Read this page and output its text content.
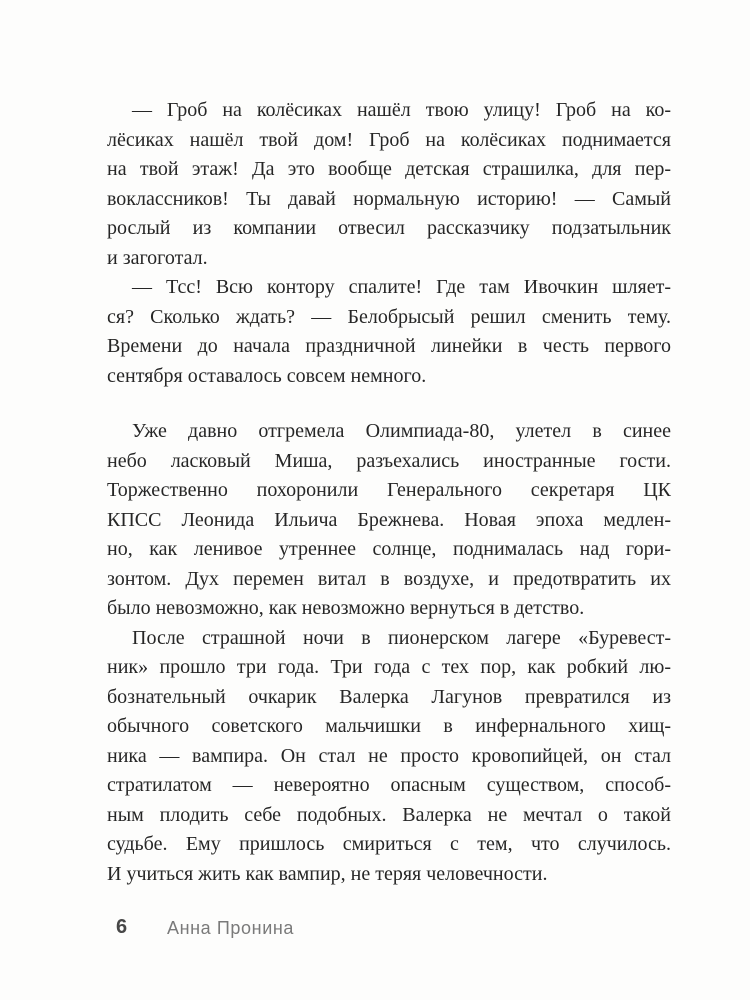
— Гроб на колёсиках нашёл твою улицу! Гроб на ко-
лёсиках нашёл твой дом! Гроб на колёсиках поднимается
на твой этаж! Да это вообще детская страшилка, для пер-
воклассников! Ты давай нормальную историю! — Самый
рослый из компании отвесил рассказчику подзатыльник
и загоготал.
— Тсс! Всю контору спалите! Где там Ивочкин шляет-
ся? Сколько ждать? — Белобрысый решил сменить тему.
Времени до начала праздничной линейки в честь первого
сентября оставалось совсем немного.
Уже давно отгремела Олимпиада-80, улетел в синее
небо ласковый Миша, разъехались иностранные гости.
Торжественно похоронили Генерального секретаря ЦК
КПСС Леонида Ильича Брежнева. Новая эпоха медлен-
но, как ленивое утреннее солнце, поднималась над гори-
зонтом. Дух перемен витал в воздухе, и предотвратить их
было невозможно, как невозможно вернуться в детство.
После страшной ночи в пионерском лагере «Буревест-
ник» прошло три года. Три года с тех пор, как робкий лю-
бознательный очкарик Валерка Лагунов превратился из
обычного советского мальчишки в инфернального хищ-
ника — вампира. Он стал не просто кровопийцей, он стал
стратилатом — невероятно опасным существом, способ-
ным плодить себе подобных. Валерка не мечтал о такой
судьбе. Ему пришлось смириться с тем, что случилось.
И учиться жить как вампир, не теряя человечности.
6 Анна Пронина
